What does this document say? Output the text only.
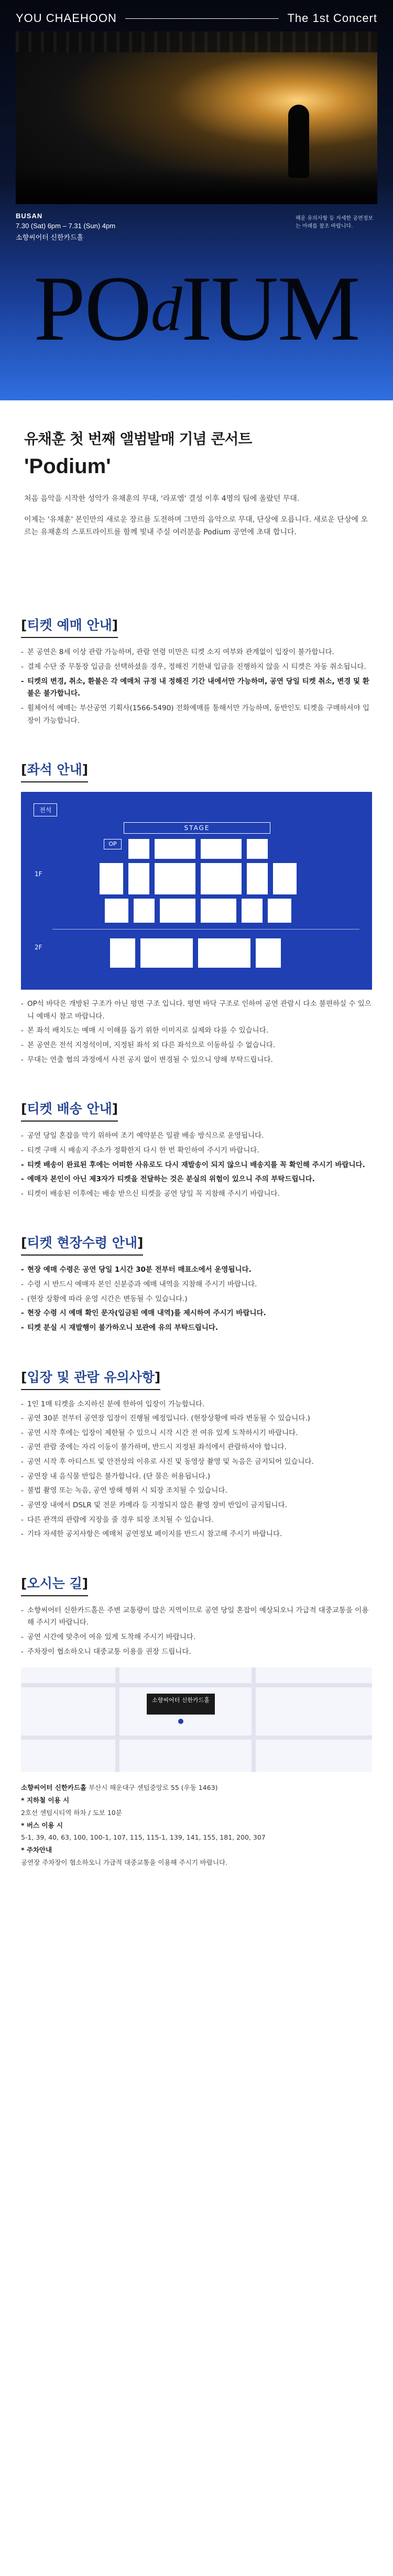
YOU CHAEHOON	The 1st Concert
BUSAN
7.30 (Sat) 6pm – 7.31 (Sun) 4pm
소향씨어터 신한카드홀
해운 유의사항 등 자세한 공연정보는 아래를 참조 바랍니다.
POdIUM
유채훈 첫 번째 앨범발매 기념 콘서트
'Podium'

처음 음악을 시작한 성악가 유채훈의 무대, '라포엠' 결성 이후 4명의 팀에 올랐던 무대.

이제는 '유채훈' 본인만의 새로운 장르를 도전하며 그만의 음악으로 무대, 단상에 오릅니다. 새로운 단상에 오르는 유채훈의 스포트라이트를 함께 빛내 주실 여러분을 Podium 공연에 초대 합니다.

[티켓 예매 안내]
- 본 공연은 8세 이상 관람 가능하며, 관람 연령 미만은 티켓 소지 여부와 관계없이 입장이 불가합니다.
- 결제 수단 중 무통장 입금을 선택하셨을 경우, 정해진 기한내 입금을 진행하지 않을 시 티켓은 자동 취소됩니다.
- 티켓의 변경, 취소, 환불은 각 예매처 규정 내 정해진 기간 내에서만 가능하며, 공연 당일 티켓 취소, 변경 및 환불은 불가합니다.
- 휠체어석 예매는 부산공연 기획사(1566-5490) 전화예매를 통해서만 가능하며, 동반인도 티켓을 구매하셔야 입장이 가능합니다.
[좌석 안내]
전석
STAGE
OP
1F
2F
- OP석 바닥은 개방된 구조가 아닌 평면 구조 입니다. 평면 바닥 구조로 인하여 공연 관람시 다소 불편하실 수 있으니 예매시 참고 바랍니다.
- 본 좌석 배치도는 예매 시 이해를 돕기 위한 이미지로 실제와 다를 수 있습니다.
- 본 공연은 전석 지정석이며, 지정된 좌석 외 다른 좌석으로 이동하실 수 없습니다.
- 무대는 연출 협의 과정에서 사전 공지 없이 변경될 수 있으니 양해 부탁드립니다.
[티켓 배송 안내]
- 공연 당일 혼잡을 막기 위하여 조기 예약분은 일괄 배송 방식으로 운영됩니다.
- 티켓 구매 시 배송지 주소가 정확한지 다시 한 번 확인하여 주시기 바랍니다.
- 티켓 배송이 완료된 후에는 어떠한 사유로도 다시 재발송이 되지 않으니 배송지를 꼭 확인해 주시기 바랍니다.
- 예매자 본인이 아닌 제3자가 티켓을 전달하는 것은 분실의 위험이 있으니 주의 부탁드립니다.
- 티켓이 배송된 이후에는 배송 받으신 티켓을 공연 당일 꼭 지참해 주시기 바랍니다.
[티켓 현장수령 안내]
- 현장 예매 수령은 공연 당일 1시간 30분 전부터 매표소에서 운영됩니다.
- 수령 시 반드시 예매자 본인 신분증과 예매 내역을 지참해 주시기 바랍니다.
- (현장 상황에 따라 운영 시간은 변동될 수 있습니다.)
- 현장 수령 시 예매 확인 문자(입금된 예매 내역)를 제시하여 주시기 바랍니다.
- 티켓 분실 시 재발행이 불가하오니 보관에 유의 부탁드립니다.
[입장 및 관람 유의사항]
- 1인 1매 티켓을 소지하신 분에 한하여 입장이 가능합니다.
- 공연 30분 전부터 공연장 입장이 진행될 예정입니다. (현장상황에 따라 변동될 수 있습니다.)
- 공연 시작 후에는 입장이 제한될 수 있으니 시작 시간 전 여유 있게 도착하시기 바랍니다.
- 공연 관람 중에는 자리 이동이 불가하며, 반드시 지정된 좌석에서 관람하셔야 합니다.
- 공연 시작 후 아티스트 및 안전상의 이유로 사진 및 동영상 촬영 및 녹음은 금지되어 있습니다.
- 공연장 내 음식물 반입은 불가합니다. (단 물은 허용됩니다.)
- 불법 촬영 또는 녹음, 공연 방해 행위 시 퇴장 조치될 수 있습니다.
- 공연장 내에서 DSLR 및 전문 카메라 등 지정되지 않은 촬영 장비 반입이 금지됩니다.
- 다른 관객의 관람에 지장을 줄 경우 퇴장 조치될 수 있습니다.
- 기타 자세한 공지사항은 예매처 공연정보 페이지를 반드시 참고해 주시기 바랍니다.
[오시는 길]
- 소향씨어터 신한카드홀은 주변 교통량이 많은 지역이므로 공연 당일 혼잡이 예상되오니 가급적 대중교통을 이용해 주시기 바랍니다.
- 공연 시간에 맞추어 여유 있게 도착해 주시기 바랍니다.
- 주차장이 협소하오니 대중교통 이용을 권장 드립니다.
소향씨어터 신한카드홀
소향씨어터 신한카드홀 부산시 해운대구 센텀중앙로 55 (우동 1463)
* 지하철 이용 시
2호선 센텀시티역 하차 / 도보 10분
* 버스 이용 시
5-1, 39, 40, 63, 100, 100-1, 107, 115, 115-1, 139, 141, 155, 181, 200, 307
* 주차안내
공연장 주차장이 협소하오니 가급적 대중교통을 이용해 주시기 바랍니다.
